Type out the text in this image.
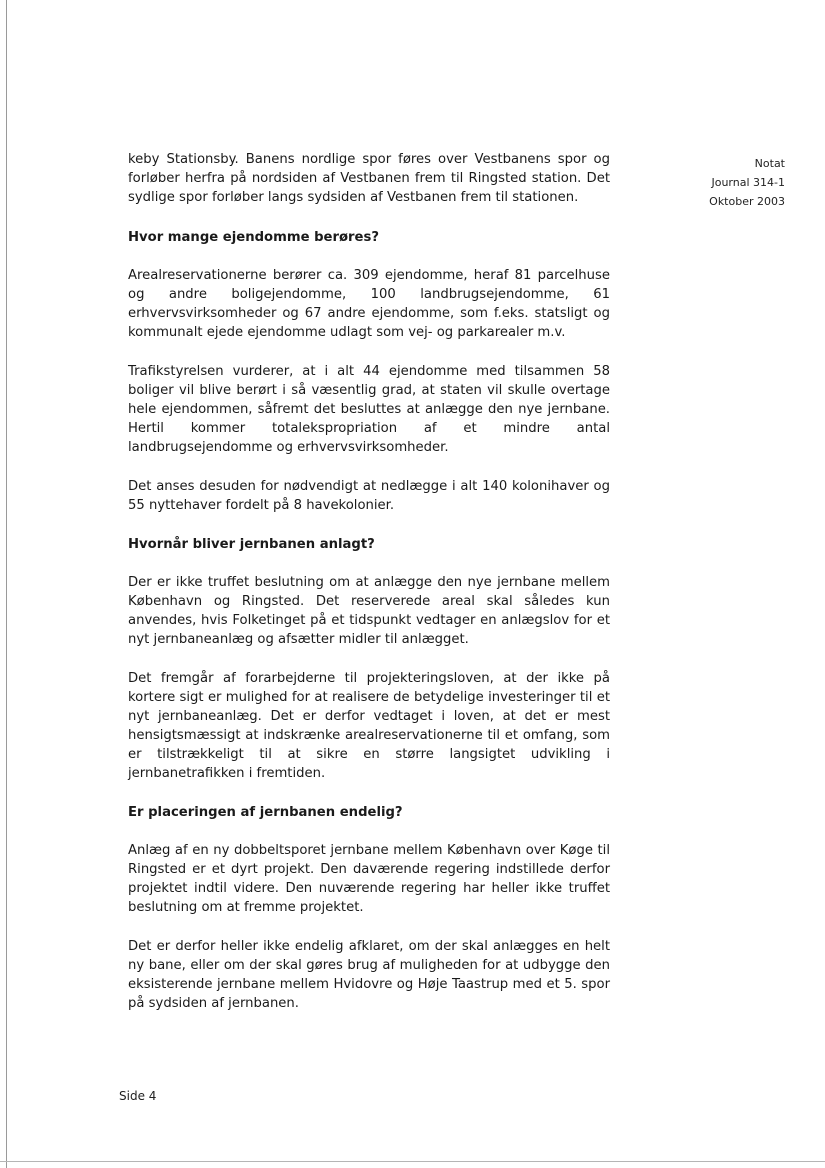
Notat
Journal 314-1
Oktober 2003

keby Stationsby. Banens nordlige spor føres over Vestbanens spor og forløber herfra på nordsiden af Vestbanen frem til Ringsted station. Det sydlige spor forløber langs sydsiden af Vestbanen frem til stationen.

Hvor mange ejendomme berøres?

Arealreservationerne berører ca. 309 ejendomme, heraf 81 parcelhuse og andre boligejendomme, 100 landbrugsejendomme, 61 erhvervsvirksomheder og 67 andre ejendomme, som f.eks. statsligt og kommunalt ejede ejendomme udlagt som vej- og parkarealer m.v.

Trafikstyrelsen vurderer, at i alt 44 ejendomme med tilsammen 58 boliger vil blive berørt i så væsentlig grad, at staten vil skulle overtage hele ejendommen, såfremt det besluttes at anlægge den nye jernbane. Hertil kommer totalekspropriation af et mindre antal landbrugsejendomme og erhvervsvirksomheder.

Det anses desuden for nødvendigt at nedlægge i alt 140 kolonihaver og 55 nyttehaver fordelt på 8 havekolonier.

Hvornår bliver jernbanen anlagt?

Der er ikke truffet beslutning om at anlægge den nye jernbane mellem København og Ringsted. Det reserverede areal skal således kun anvendes, hvis Folketinget på et tidspunkt vedtager en anlægslov for et nyt jernbaneanlæg og afsætter midler til anlægget.

Det fremgår af forarbejderne til projekteringsloven, at der ikke på kortere sigt er mulighed for at realisere de betydelige investeringer til et nyt jernbaneanlæg. Det er derfor vedtaget i loven, at det er mest hensigtsmæssigt at indskrænke arealreservationerne til et omfang, som er tilstrækkeligt til at sikre en større langsigtet udvikling i jernbanetrafikken i fremtiden.

Er placeringen af jernbanen endelig?

Anlæg af en ny dobbeltsporet jernbane mellem København over Køge til Ringsted er et dyrt projekt. Den daværende regering indstillede derfor projektet indtil videre. Den nuværende regering har heller ikke truffet beslutning om at fremme projektet.

Det er derfor heller ikke endelig afklaret, om der skal anlægges en helt ny bane, eller om der skal gøres brug af muligheden for at udbygge den eksisterende jernbane mellem Hvidovre og Høje Taastrup med et 5. spor på sydsiden af jernbanen.

Side 4
